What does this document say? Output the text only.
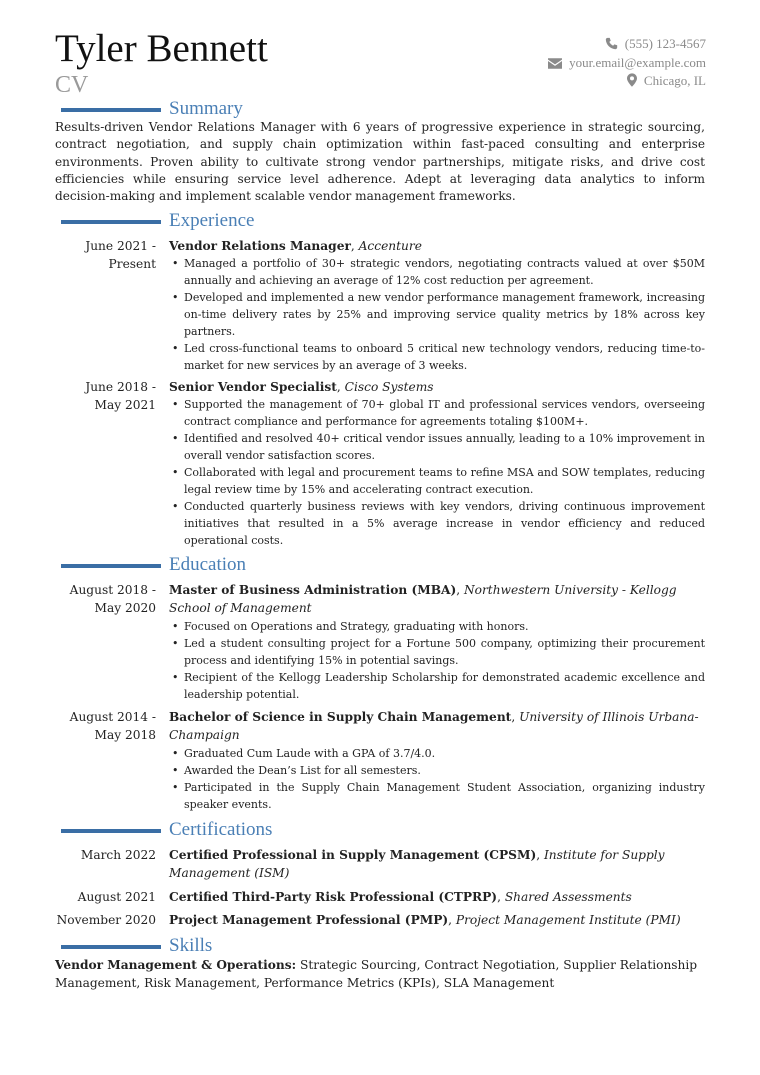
Tyler Bennett
CV
(555) 123-4567
your.email@example.com
Chicago, IL
Summary
Results-driven Vendor Relations Manager with 6 years of progressive experience in strategic sourcing, contract negotiation, and supply chain optimization within fast-paced consulting and enterprise environments. Proven ability to cultivate strong vendor partnerships, mitigate risks, and drive cost efficiencies while ensuring service level adherence. Adept at leveraging data analytics to inform decision-making and implement scalable vendor management frameworks.
Experience
June 2021 -
Present
Vendor Relations Manager, Accenture
• Managed a portfolio of 30+ strategic vendors, negotiating contracts valued at over $50M annually and achieving an average of 12% cost reduction per agreement.
• Developed and implemented a new vendor performance management framework, increasing on-time delivery rates by 25% and improving service quality metrics by 18% across key partners.
• Led cross-functional teams to onboard 5 critical new technology vendors, reducing time-to-market for new services by an average of 3 weeks.
June 2018 -
May 2021
Senior Vendor Specialist, Cisco Systems
• Supported the management of 70+ global IT and professional services vendors, overseeing contract compliance and performance for agreements totaling $100M+.
• Identified and resolved 40+ critical vendor issues annually, leading to a 10% improvement in overall vendor satisfaction scores.
• Collaborated with legal and procurement teams to refine MSA and SOW templates, reducing legal review time by 15% and accelerating contract execution.
• Conducted quarterly business reviews with key vendors, driving continuous improvement initiatives that resulted in a 5% average increase in vendor efficiency and reduced operational costs.
Education
August 2018 -
May 2020
Master of Business Administration (MBA), Northwestern University - Kellogg School of Management
• Focused on Operations and Strategy, graduating with honors.
• Led a student consulting project for a Fortune 500 company, optimizing their procurement process and identifying 15% in potential savings.
• Recipient of the Kellogg Leadership Scholarship for demonstrated academic excellence and leadership potential.
August 2014 -
May 2018
Bachelor of Science in Supply Chain Management, University of Illinois Urbana-Champaign
• Graduated Cum Laude with a GPA of 3.7/4.0.
• Awarded the Dean’s List for all semesters.
• Participated in the Supply Chain Management Student Association, organizing industry speaker events.
Certifications
March 2022 Certified Professional in Supply Management (CPSM), Institute for Supply Management (ISM)
August 2021 Certified Third-Party Risk Professional (CTPRP), Shared Assessments
November 2020 Project Management Professional (PMP), Project Management Institute (PMI)
Skills
Vendor Management & Operations: Strategic Sourcing, Contract Negotiation, Supplier Relationship Management, Risk Management, Performance Metrics (KPIs), SLA Management
